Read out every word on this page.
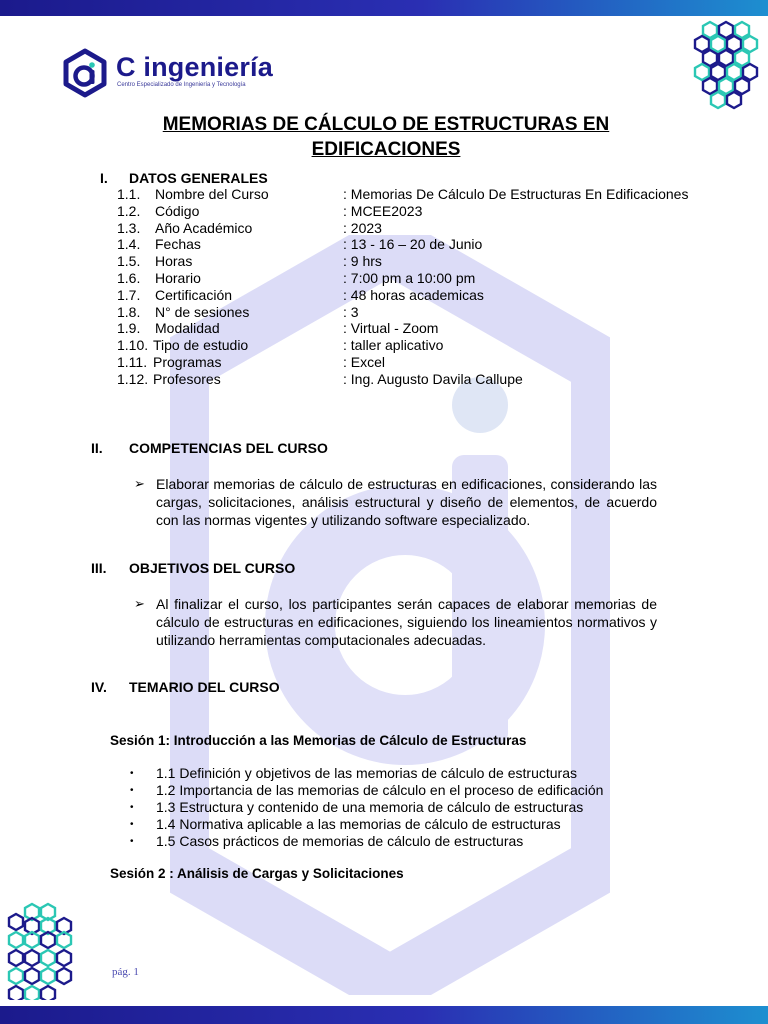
C ingeniería
Centro Especializado de Ingeniería y Tecnología
MEMORIAS DE CÁLCULO DE ESTRUCTURAS EN
EDIFICACIONES
I. DATOS GENERALES
1.1. Nombre del Curso	: Memorias De Cálculo De Estructuras En Edificaciones
1.2. Código	: MCEE2023
1.3. Año Académico	: 2023
1.4. Fechas	: 13 - 16 – 20 de Junio
1.5. Horas	: 9 hrs
1.6. Horario	: 7:00 pm a 10:00 pm
1.7. Certificación	: 48 horas academicas
1.8. N° de sesiones	: 3
1.9. Modalidad	: Virtual - Zoom
1.10. Tipo de estudio	: taller aplicativo
1.11. Programas	: Excel
1.12. Profesores	: Ing. Augusto Davila Callupe
II. COMPETENCIAS DEL CURSO
➢ Elaborar memorias de cálculo de estructuras en edificaciones, considerando las cargas, solicitaciones, análisis estructural y diseño de elementos, de acuerdo con las normas vigentes y utilizando software especializado.
III. OBJETIVOS DEL CURSO
➢ Al finalizar el curso, los participantes serán capaces de elaborar memorias de cálculo de estructuras en edificaciones, siguiendo los lineamientos normativos y utilizando herramientas computacionales adecuadas.
IV. TEMARIO DEL CURSO
Sesión 1: Introducción a las Memorias de Cálculo de Estructuras
• 1.1 Definición y objetivos de las memorias de cálculo de estructuras
• 1.2 Importancia de las memorias de cálculo en el proceso de edificación
• 1.3 Estructura y contenido de una memoria de cálculo de estructuras
• 1.4 Normativa aplicable a las memorias de cálculo de estructuras
• 1.5 Casos prácticos de memorias de cálculo de estructuras
Sesión 2 : Análisis de Cargas y Solicitaciones
pág. 1
